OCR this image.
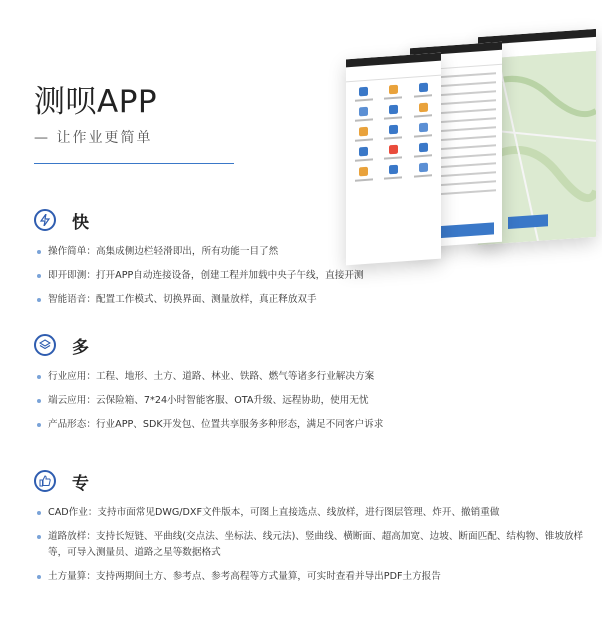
测呗APP
— 让作业更简单
快
操作简单：高集成侧边栏轻滑即出，所有功能一目了然
即开即测：打开APP自动连接设备，创建工程并加载中央子午线，直接开测
智能语音：配置工作模式、切换界面、测量放样，真正释放双手
多
行业应用：工程、地形、土方、道路、林业、铁路、燃气等诸多行业解决方案
端云应用：云保险箱、7*24小时智能客服、OTA升级、远程协助，使用无忧
产品形态：行业APP、SDK开发包、位置共享服务多种形态，满足不同客户诉求
专
CAD作业：支持市面常见DWG/DXF文件版本，可图上直接选点、线放样，进行图层管理、炸开、撤销重做
道路放样：支持长短链、平曲线(交点法、坐标法、线元法)、竖曲线、横断面、超高加宽、边坡、断面匹配、结构物、锥坡放样等，可导入测量员、道路之星等数据格式
土方量算：支持两期间土方、参考点、参考高程等方式量算，可实时查看并导出PDF土方报告
